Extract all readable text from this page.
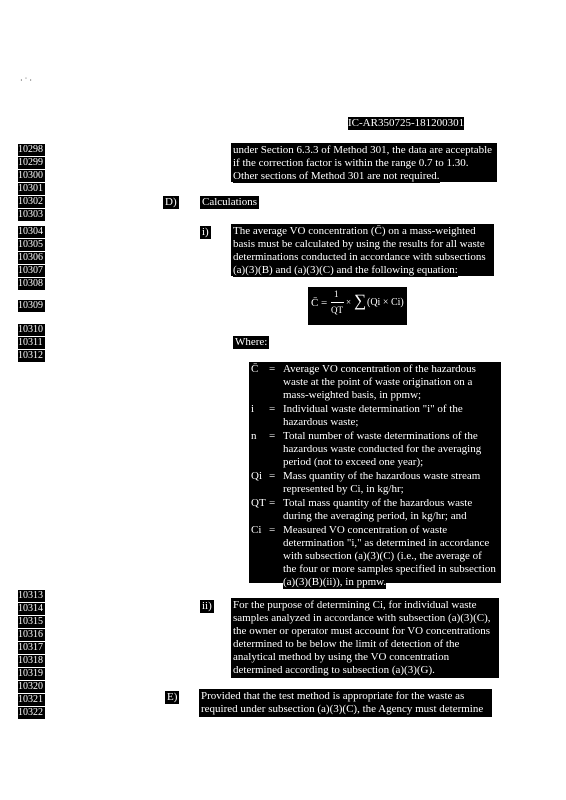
· ˙ ·
IC-AR350725-181200301
10298
10299
10300
10301
10302
10303
10304
10305
10306
10307
10308
10309
10310
10311
10312
10313
10314
10315
10316
10317
10318
10319
10320
10321
10322
under Section 6.3.3 of Method 301, the data are acceptable
if the correction factor is within the range 0.7 to 1.30.
Other sections of Method 301 are not required.
D) Calculations
i) The average VO concentration (C̄) on a mass-weighted
basis must be calculated by using the results for all waste
determinations conducted in accordance with subsections
(a)(3)(B) and (a)(3)(C) and the following equation:
C̄ =
1
QT
× ∑ (Qi × Ci)
Where:
C̄ = Average VO concentration of the hazardous
waste at the point of waste origination on a
mass-weighted basis, in ppmw;
i = Individual waste determination "i" of the
hazardous waste;
n = Total number of waste determinations of the
hazardous waste conducted for the averaging
period (not to exceed one year);
Qi = Mass quantity of the hazardous waste stream
represented by Ci, in kg/hr;
QT = Total mass quantity of the hazardous waste
during the averaging period, in kg/hr; and
Ci = Measured VO concentration of waste
determination "i," as determined in accordance
with subsection (a)(3)(C) (i.e., the average of
the four or more samples specified in subsection
(a)(3)(B)(ii)), in ppmw.
ii) For the purpose of determining Ci, for individual waste
samples analyzed in accordance with subsection (a)(3)(C),
the owner or operator must account for VO concentrations
determined to be below the limit of detection of the
analytical method by using the VO concentration
determined according to subsection (a)(3)(G).
E) Provided that the test method is appropriate for the waste as
required under subsection (a)(3)(C), the Agency must determine
